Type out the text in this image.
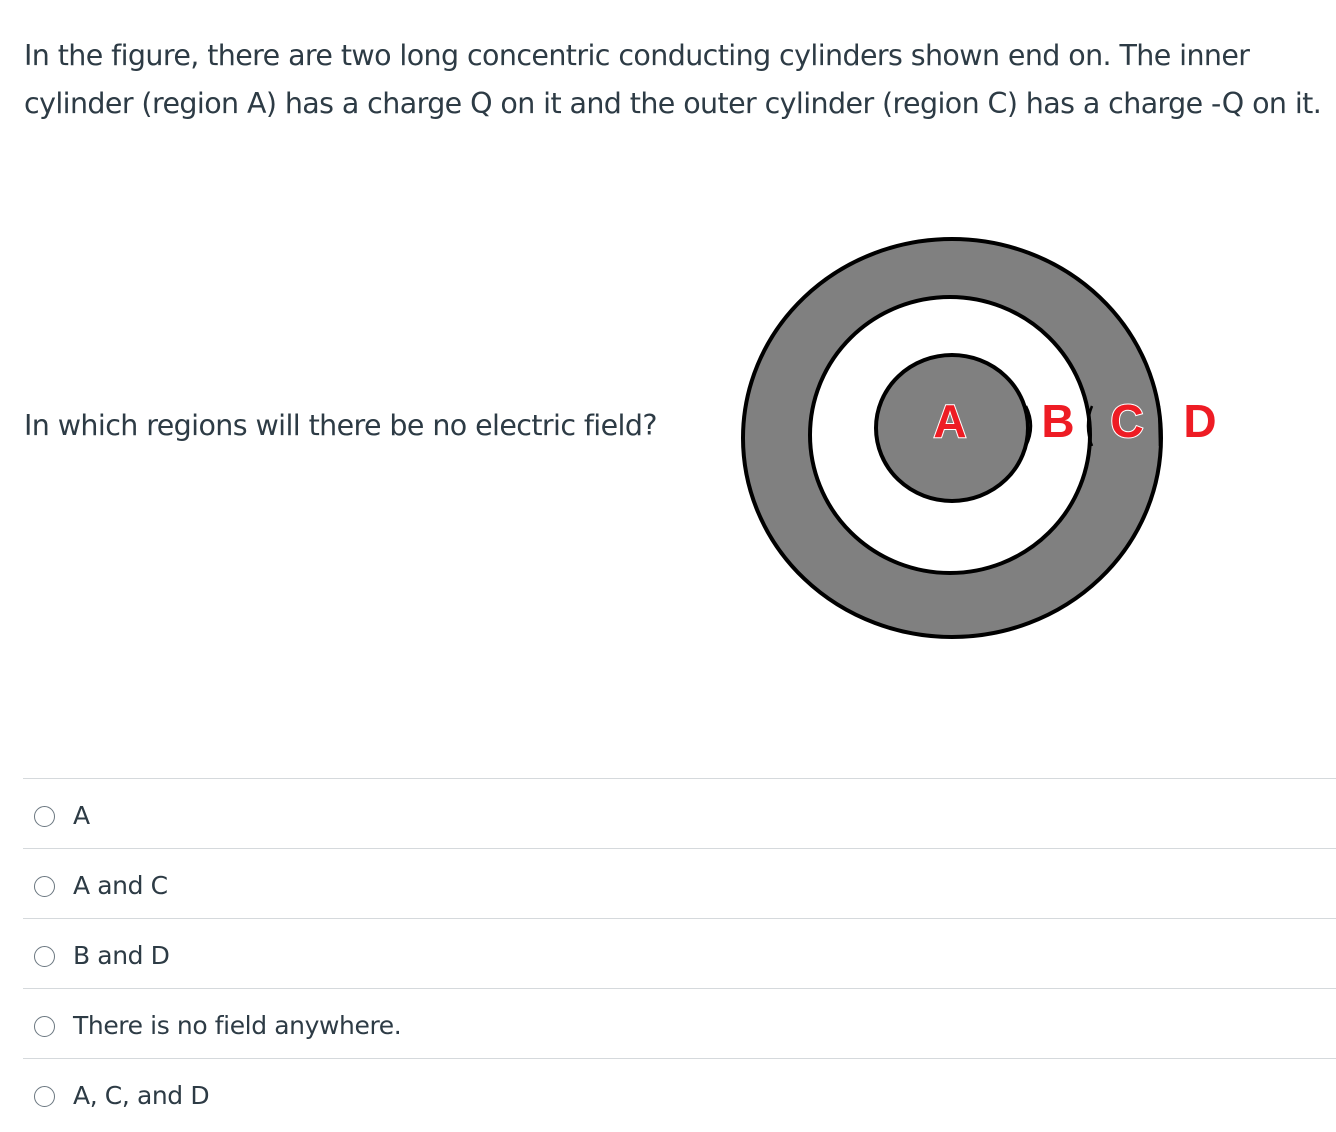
In the figure, there are two long concentric conducting cylinders shown end on. The inner cylinder (region A) has a charge Q on it and the outer cylinder (region C) has a charge -Q on it.

In which regions will there be no electric field?	A B C D
A
A and C
B and D
There is no field anywhere.
A, C, and D
